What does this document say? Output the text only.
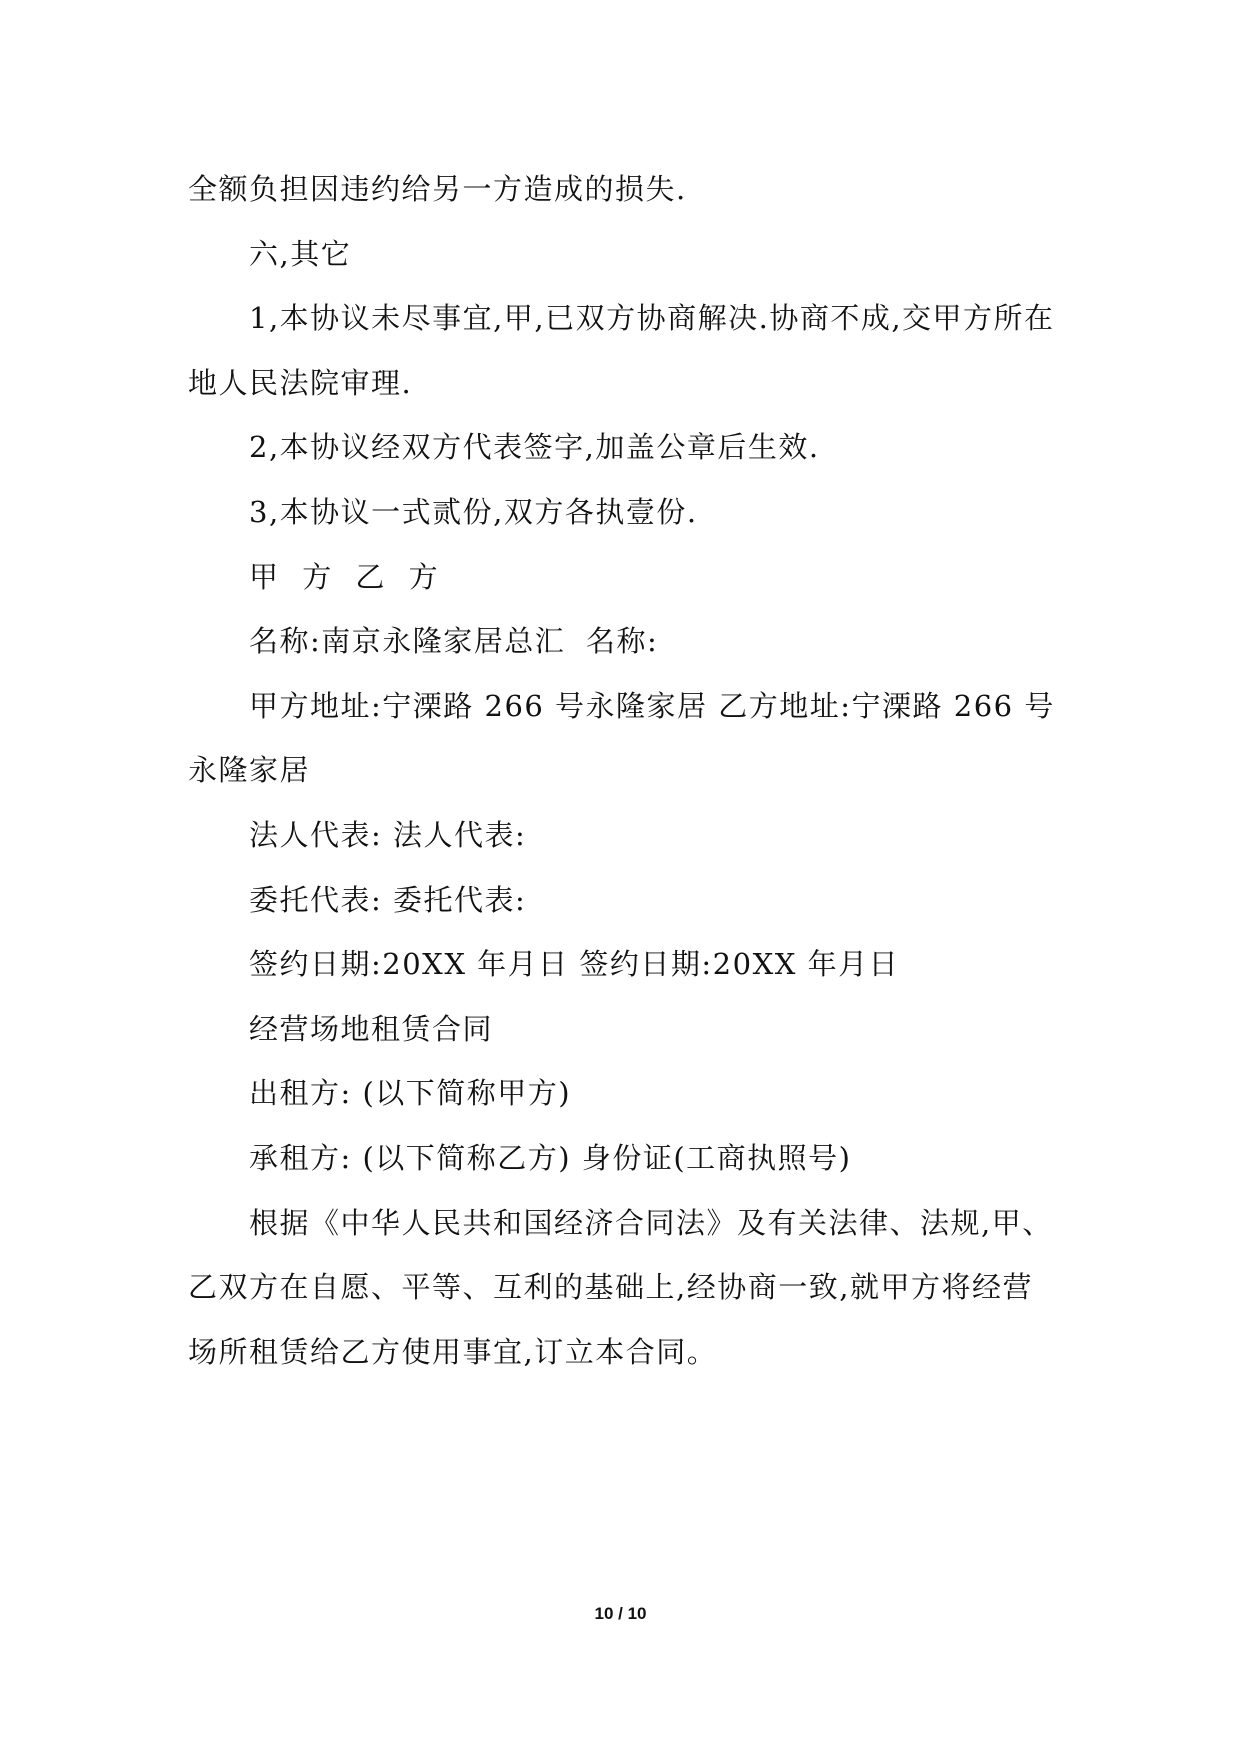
全额负担因违约给另一方造成的损失.

六,其它

1,本协议未尽事宜,甲,已双方协商解决.协商不成,交甲方所在地人民法院审理.

2,本协议经双方代表签字,加盖公章后生效.

3,本协议一式贰份,双方各执壹份.

甲 方 乙 方

名称:南京永隆家居总汇 名称:

甲方地址:宁溧路 266 号永隆家居 乙方地址:宁溧路 266 号永隆家居

法人代表: 法人代表:

委托代表: 委托代表:

签约日期:20XX 年月日 签约日期:20XX 年月日

经营场地租赁合同

出租方: (以下简称甲方)

承租方: (以下简称乙方) 身份证(工商执照号)

根据《中华人民共和国经济合同法》及有关法律、法规,甲、乙双方在自愿、平等、互利的基础上,经协商一致,就甲方将经营场所租赁给乙方使用事宜,订立本合同。

10 / 10
